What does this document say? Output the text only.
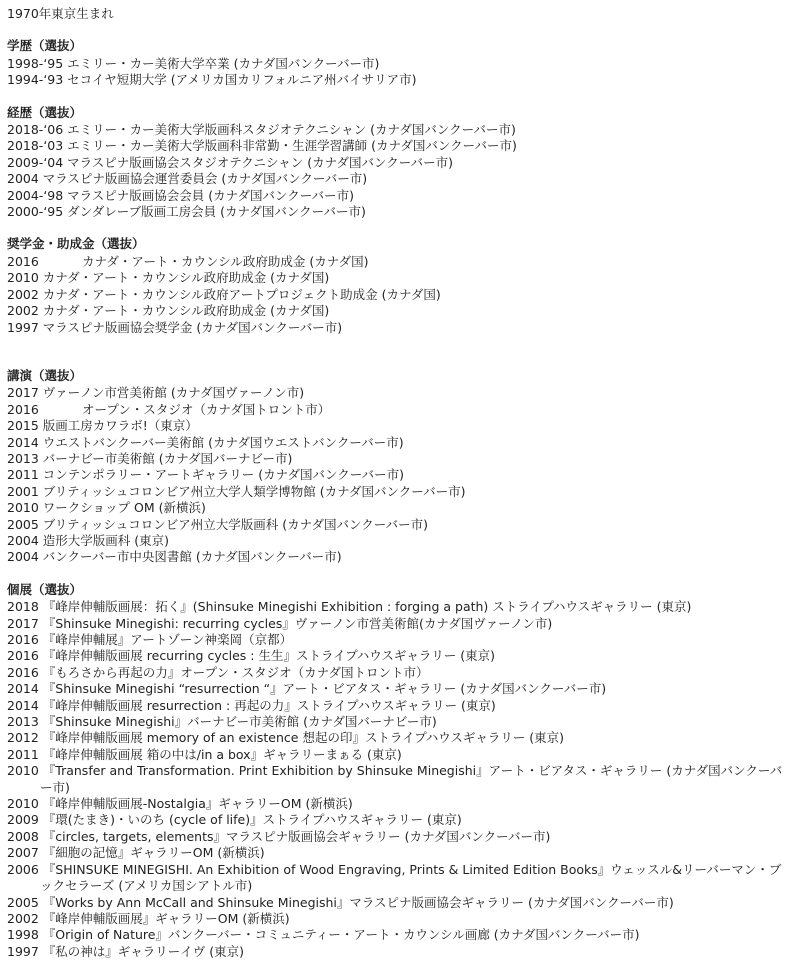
1970年東京生まれ

学歴（選抜）

1998-‘95 エミリー・カー美術大学卒業 (カナダ国バンクーバー市)

1994-‘93 セコイヤ短期大学 (アメリカ国カリフォルニア州バイサリア市)

経歴（選抜）

2018-‘06 エミリー・カー美術大学版画科スタジオテクニシャン (カナダ国バンクーバー市)

2018-‘03 エミリー・カー美術大学版画科非常勤・生涯学習講師 (カナダ国バンクーバー市)

2009-‘04 マラスピナ版画協会スタジオテクニシャン (カナダ国バンクーバー市)

2004 マラスピナ版画協会運営委員会 (カナダ国バンクーバー市)

2004-‘98 マラスピナ版画協会会員 (カナダ国バンクーバー市)

2000-‘95 ダンダレーブ版画工房会員 (カナダ国バンクーバー市)

奨学金・助成金（選抜）

2016	カナダ・アート・カウンシル政府助成金 (カナダ国)

2010 カナダ・アート・カウンシル政府助成金 (カナダ国)

2002 カナダ・アート・カウンシル政府アートプロジェクト助成金 (カナダ国)

2002 カナダ・アート・カウンシル政府助成金 (カナダ国)

1997 マラスピナ版画協会奨学金 (カナダ国バンクーバー市)

講演（選抜）

2017 ヴァーノン市営美術館 (カナダ国ヴァーノン市)

2016	オープン・スタジオ（カナダ国トロント市）

2015 版画工房カワラボ!（東京）

2014 ウエストバンクーバー美術館 (カナダ国ウエストバンクーバー市)

2013 バーナビー市美術館 (カナダ国バーナビー市)

2011 コンテンポラリー・アートギャラリー (カナダ国バンクーバー市)

2001 ブリティッシュコロンビア州立大学人類学博物館 (カナダ国バンクーバー市)

2010 ワークショップ OM (新横浜)

2005 ブリティッシュコロンビア州立大学版画科 (カナダ国バンクーバー市)

2004 造形大学版画科 (東京)

2004 バンクーバー市中央図書館 (カナダ国バンクーバー市)

個展（選抜）

2018 『峰岸伸輔版画展：拓く』(Shinsuke Minegishi Exhibition : forging a path) ストライプハウスギャラリー (東京)

2017 『Shinsuke Minegishi: recurring cycles』ヴァーノン市営美術館(カナダ国ヴァーノン市)

2016 『峰岸伸輔展』アートゾーン神楽岡（京都）

2016 『峰岸伸輔版画展 recurring cycles : 生生』ストライプハウスギャラリー (東京)

2016 『もろさから再起の力』オープン・スタジオ（カナダ国トロント市）

2014 『Shinsuke Minegishi “resurrection “』アート・ビアタス・ギャラリー (カナダ国バンクーバー市)

2014 『峰岸伸輔版画展 resurrection : 再起の力』ストライプハウスギャラリー (東京)

2013 『Shinsuke Minegishi』バーナビー市美術館 (カナダ国バーナビー市)

2012 『峰岸伸輔版画展 memory of an existence 想起の印』ストライプハウスギャラリー (東京)

2011 『峰岸伸輔版画展 箱の中は/in a box』ギャラリーまぁる (東京)

2010 『Transfer and Transformation. Print Exhibition by Shinsuke Minegishi』アート・ビアタス・ギャラリー (カナダ国バンクーバー市)

2010 『峰岸伸輔版画展-Nostalgia』ギャラリーOM (新横浜)

2009 『環(たまき)・いのち (cycle of life)』ストライプハウスギャラリー (東京)

2008 『circles, targets, elements』マラスピナ版画協会ギャラリー (カナダ国バンクーバー市)

2007 『細胞の記憶』ギャラリーOM (新横浜)

2006 『SHINSUKE MINEGISHI. An Exhibition of Wood Engraving, Prints & Limited Edition Books』ウェッスル&リーバーマン・ブックセラーズ (アメリカ国シアトル市)

2005 『Works by Ann McCall and Shinsuke Minegishi』マラスピナ版画協会ギャラリー (カナダ国バンクーバー市)

2002 『峰岸伸輔版画展』ギャラリーOM (新横浜)

1998 『Origin of Nature』バンクーバー・コミュニティー・アート・カウンシル画廊 (カナダ国バンクーバー市)

1997 『私の神は』ギャラリーイヴ (東京)
